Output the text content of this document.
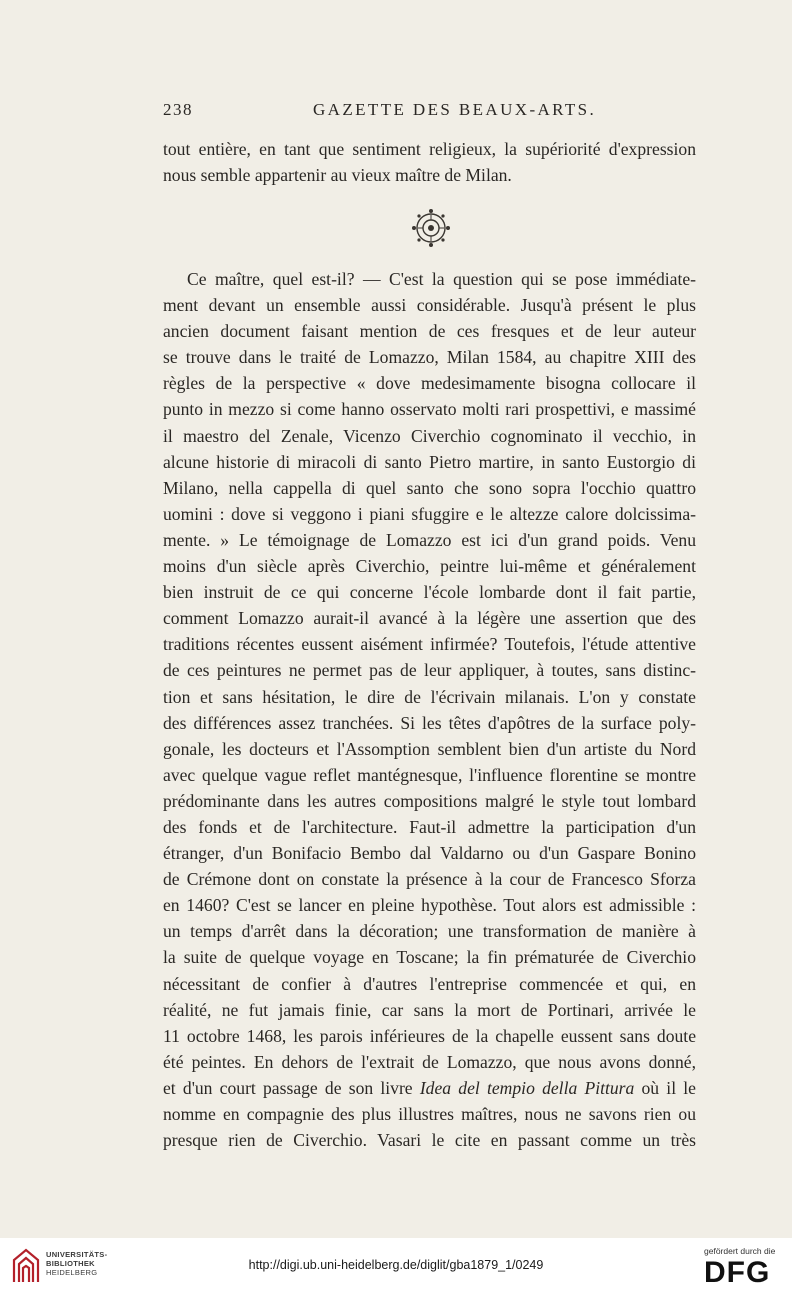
238	GAZETTE DES BEAUX-ARTS.
tout entière, en tant que sentiment religieux, la supériorité d'expression
nous semble appartenir au vieux maître de Milan.
Ce maître, quel est-il? — C'est la question qui se pose immédiate-
ment devant un ensemble aussi considérable. Jusqu'à présent le plus
ancien document faisant mention de ces fresques et de leur auteur
se trouve dans le traité de Lomazzo, Milan 1584, au chapitre XIII des
règles de la perspective « dove medesimamente bisogna collocare il
punto in mezzo si come hanno osservato molti rari prospettivi, e massimé
il maestro del Zenale, Vicenzo Civerchio cognominato il vecchio, in
alcune historie di miracoli di santo Pietro martire, in santo Eustorgio di
Milano, nella cappella di quel santo che sono sopra l'occhio quattro
uomini : dove si veggono i piani sfuggire e le altezze calore dolcissima-
mente. » Le témoignage de Lomazzo est ici d'un grand poids. Venu
moins d'un siècle après Civerchio, peintre lui-même et généralement
bien instruit de ce qui concerne l'école lombarde dont il fait partie,
comment Lomazzo aurait-il avancé à la légère une assertion que des
traditions récentes eussent aisément infirmée? Toutefois, l'étude attentive
de ces peintures ne permet pas de leur appliquer, à toutes, sans distinc-
tion et sans hésitation, le dire de l'écrivain milanais. L'on y constate
des différences assez tranchées. Si les têtes d'apôtres de la surface poly-
gonale, les docteurs et l'Assomption semblent bien d'un artiste du Nord
avec quelque vague reflet mantégnesque, l'influence florentine se montre
prédominante dans les autres compositions malgré le style tout lombard
des fonds et de l'architecture. Faut-il admettre la participation d'un
étranger, d'un Bonifacio Bembo dal Valdarno ou d'un Gaspare Bonino
de Crémone dont on constate la présence à la cour de Francesco Sforza
en 1460? C'est se lancer en pleine hypothèse. Tout alors est admissible :
un temps d'arrêt dans la décoration; une transformation de manière à
la suite de quelque voyage en Toscane; la fin prématurée de Civerchio
nécessitant de confier à d'autres l'entreprise commencée et qui, en
réalité, ne fut jamais finie, car sans la mort de Portinari, arrivée le
11 octobre 1468, les parois inférieures de la chapelle eussent sans doute
été peintes. En dehors de l'extrait de Lomazzo, que nous avons donné,
et d'un court passage de son livre Idea del tempio della Pittura où il le
nomme en compagnie des plus illustres maîtres, nous ne savons rien ou
presque rien de Civerchio. Vasari le cite en passant comme un très
UNIVERSITÄTS-
BIBLIOTHEK
HEIDELBERG
http://digi.ub.uni-heidelberg.de/diglit/gba1879_1/0249
gefördert durch die
DFG
